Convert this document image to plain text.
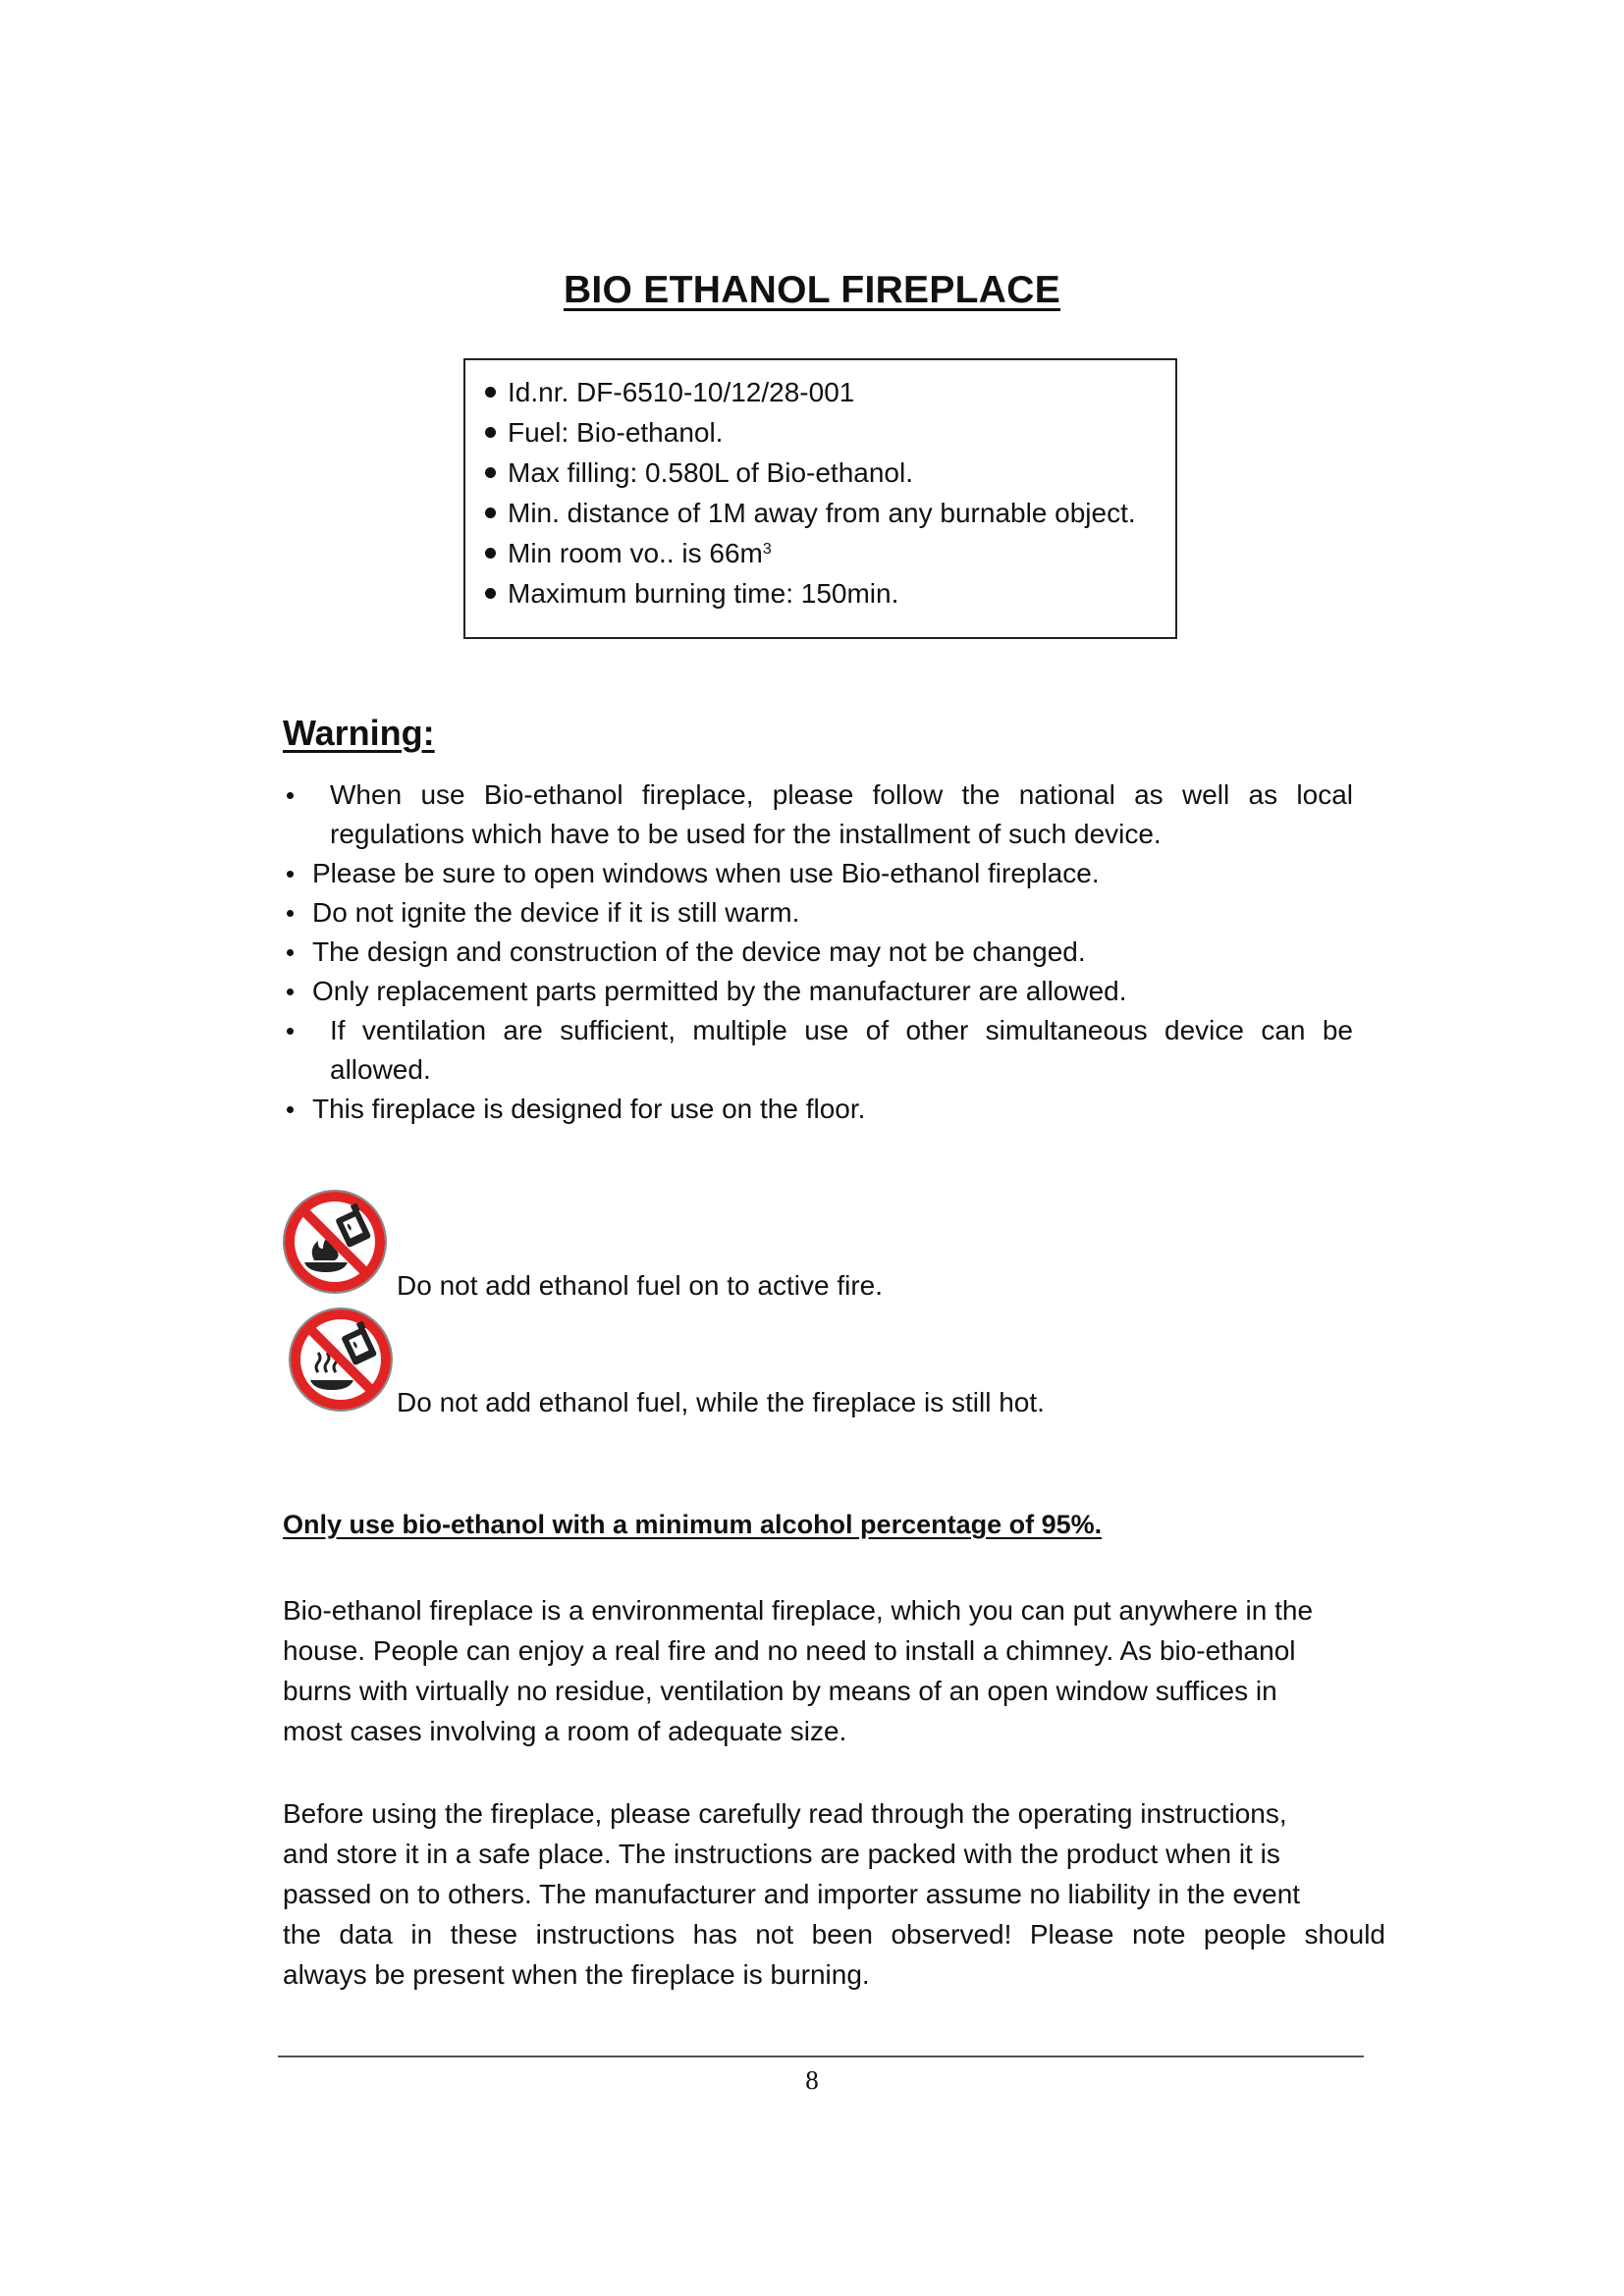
BIO ETHANOL FIREPLACE
Id.nr. DF-6510-10/12/28-001
Fuel: Bio-ethanol.
Max filling: 0.580L of Bio-ethanol.
Min. distance of 1M away from any burnable object.
Min room vo.. is $66m^3$
Maximum burning time: 150min.
Warning:
When use Bio-ethanol fireplace, please follow the national as well as local regulations which have to be used for the installment of such device.
Please be sure to open windows when use Bio-ethanol fireplace.
Do not ignite the device if it is still warm.
The design and construction of the device may not be changed.
Only replacement parts permitted by the manufacturer are allowed.
If ventilation are sufficient, multiple use of other simultaneous device can be allowed.
This fireplace is designed for use on the floor.
Do not add ethanol fuel on to active fire.
Do not add ethanol fuel, while the fireplace is still hot.
Only use bio-ethanol with a minimum alcohol percentage of 95%.

Bio-ethanol fireplace is a environmental fireplace, which you can put anywhere in the
house. People can enjoy a real fire and no need to install a chimney. As bio-ethanol
burns with virtually no residue, ventilation by means of an open window suffices in
most cases involving a room of adequate size.

Before using the fireplace, please carefully read through the operating instructions,
and store it in a safe place. The instructions are packed with the product when it is
passed on to others. The manufacturer and importer assume no liability in the event
the data in these instructions has not been observed! Please note people should
always be present when the fireplace is burning.

8
